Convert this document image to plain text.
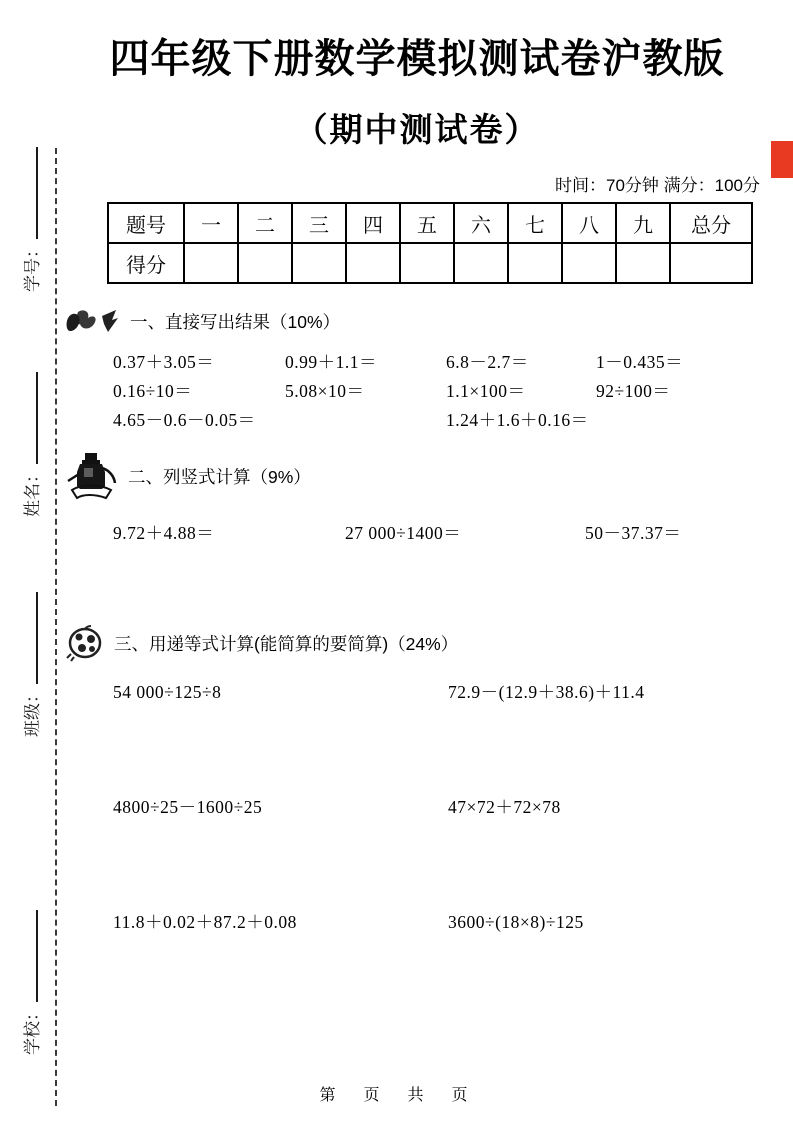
学号：
姓名：
班级：
学校：
四年级下册数学模拟测试卷沪教版
（期中测试卷）
时间：70分钟 满分：100分
题号	一	二	三	四	五	六	七	八	九	总分
得分										
一、直接写出结果（10%）
0.37＋3.05＝	0.99＋1.1＝	6.8－2.7＝	1－0.435＝
0.16÷10＝	5.08×10＝	1.1×100＝	92÷100＝
4.65－0.6－0.05＝	1.24＋1.6＋0.16＝
二、列竖式计算（9%）
9.72＋4.88＝	27 000÷1400＝	50－37.37＝
三、用递等式计算(能简算的要简算)（24%）
54 000÷125÷8	72.9－(12.9＋38.6)＋11.4
4800÷25－1600÷25	47×72＋72×78
11.8＋0.02＋87.2＋0.08	3600÷(18×8)÷125
第　页　共　页
